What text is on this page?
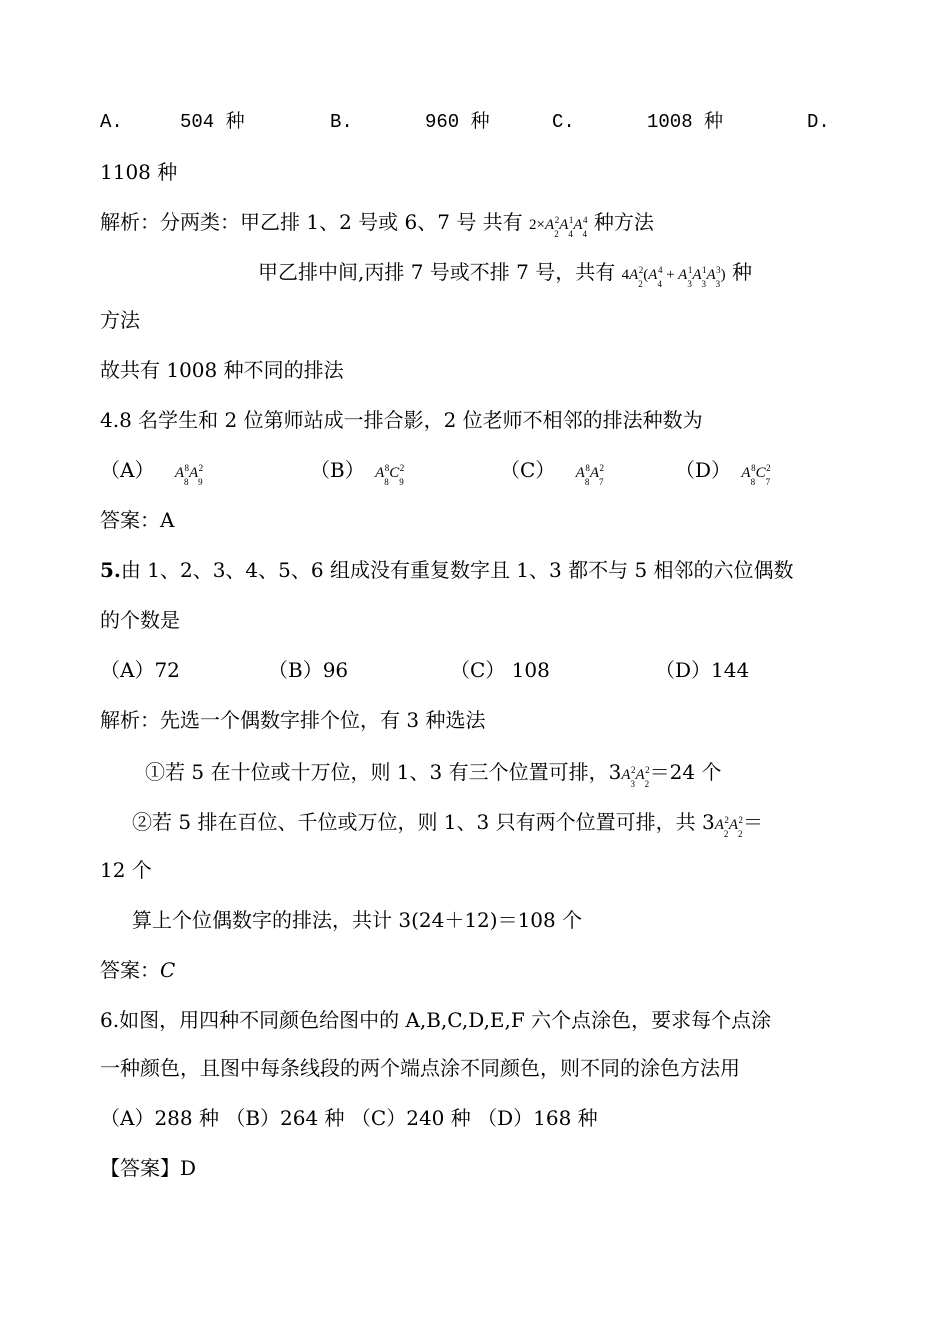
A.	504 种	B.	960 种	C.	1008 种	D.
1108 种
解析：分两类：甲乙排 1、2 号或 6、7 号 共有 $2\times A_2^2A_4^1A_4^4$ 种方法
甲乙排中间,丙排 7 号或不排 7 号，共有 $4A_2^2(A_4^4 + A_3^1A_3^1A_3^3)$ 种
方法
故共有 1008 种不同的排法
4.8 名学生和 2 位第师站成一排合影，2 位老师不相邻的排法种数为
（A） $A_8^8A_9^2$	（B） $A_8^8C_9^2$	（C） $A_8^8A_7^2$	（D） $A_8^8C_7^2$
答案：A
5.由 1、2、3、4、5、6 组成没有重复数字且 1、3 都不与 5 相邻的六位偶数
的个数是
（A）72	（B）96	（C） 108	（D）144
解析：先选一个偶数字排个位，有 3 种选法
①若 5 在十位或十万位，则 1、3 有三个位置可排，$3A_3^2A_2^2=24$ 个
②若 5 排在百位、千位或万位，则 1、3 只有两个位置可排，共 $3A_2^2A_2^2=$
12 个
算上个位偶数字的排法，共计 3(24＋12)＝108 个
答案：C
6.如图，用四种不同颜色给图中的 A,B,C,D,E,F 六个点涂色，要求每个点涂
一种颜色，且图中每条线段的两个端点涂不同颜色，则不同的涂色方法用
（A）288 种 （B）264 种 （C）240 种 （D）168 种
【答案】D
